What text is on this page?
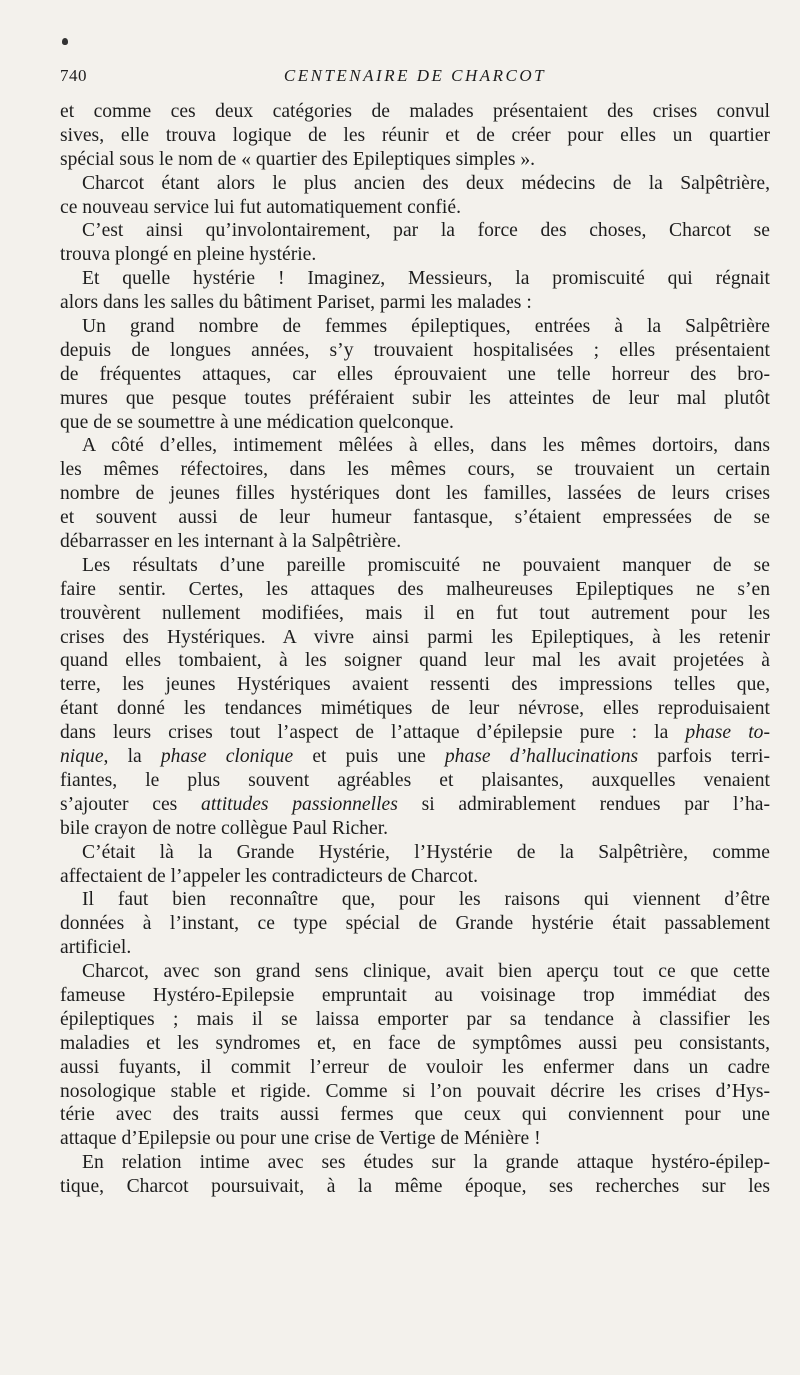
740	CENTENAIRE DE CHARCOT
et comme ces deux catégories de malades présentaient des crises convul
sives, elle trouva logique de les réunir et de créer pour elles un quartier
spécial sous le nom de « quartier des Epileptiques simples ».
Charcot étant alors le plus ancien des deux médecins de la Salpêtrière,
ce nouveau service lui fut automatiquement confié.
C’est ainsi qu’involontairement, par la force des choses, Charcot se
trouva plongé en pleine hystérie.
Et quelle hystérie ! Imaginez, Messieurs, la promiscuité qui régnait
alors dans les salles du bâtiment Pariset, parmi les malades :
Un grand nombre de femmes épileptiques, entrées à la Salpêtrière
depuis de longues années, s’y trouvaient hospitalisées ; elles présentaient
de fréquentes attaques, car elles éprouvaient une telle horreur des bro-
mures que pesque toutes préféraient subir les atteintes de leur mal plutôt
que de se soumettre à une médication quelconque.
A côté d’elles, intimement mêlées à elles, dans les mêmes dortoirs, dans
les mêmes réfectoires, dans les mêmes cours, se trouvaient un certain
nombre de jeunes filles hystériques dont les familles, lassées de leurs crises
et souvent aussi de leur humeur fantasque, s’étaient empressées de se
débarrasser en les internant à la Salpêtrière.
Les résultats d’une pareille promiscuité ne pouvaient manquer de se
faire sentir. Certes, les attaques des malheureuses Epileptiques ne s’en
trouvèrent nullement modifiées, mais il en fut tout autrement pour les
crises des Hystériques. A vivre ainsi parmi les Epileptiques, à les retenir
quand elles tombaient, à les soigner quand leur mal les avait projetées à
terre, les jeunes Hystériques avaient ressenti des impressions telles que,
étant donné les tendances mimétiques de leur névrose, elles reproduisaient
dans leurs crises tout l’aspect de l’attaque d’épilepsie pure : la phase to-
nique, la phase clonique et puis une phase d’hallucinations parfois terri-
fiantes, le plus souvent agréables et plaisantes, auxquelles venaient
s’ajouter ces attitudes passionnelles si admirablement rendues par l’ha-
bile crayon de notre collègue Paul Richer.
C’était là la Grande Hystérie, l’Hystérie de la Salpêtrière, comme
affectaient de l’appeler les contradicteurs de Charcot.
Il faut bien reconnaître que, pour les raisons qui viennent d’être
données à l’instant, ce type spécial de Grande hystérie était passablement
artificiel.
Charcot, avec son grand sens clinique, avait bien aperçu tout ce que cette
fameuse Hystéro-Epilepsie empruntait au voisinage trop immédiat des
épileptiques ; mais il se laissa emporter par sa tendance à classifier les
maladies et les syndromes et, en face de symptômes aussi peu consistants,
aussi fuyants, il commit l’erreur de vouloir les enfermer dans un cadre
nosologique stable et rigide. Comme si l’on pouvait décrire les crises d’Hys-
térie avec des traits aussi fermes que ceux qui conviennent pour une
attaque d’Epilepsie ou pour une crise de Vertige de Ménière !
En relation intime avec ses études sur la grande attaque hystéro-épilep-
tique, Charcot poursuivait, à la même époque, ses recherches sur les
